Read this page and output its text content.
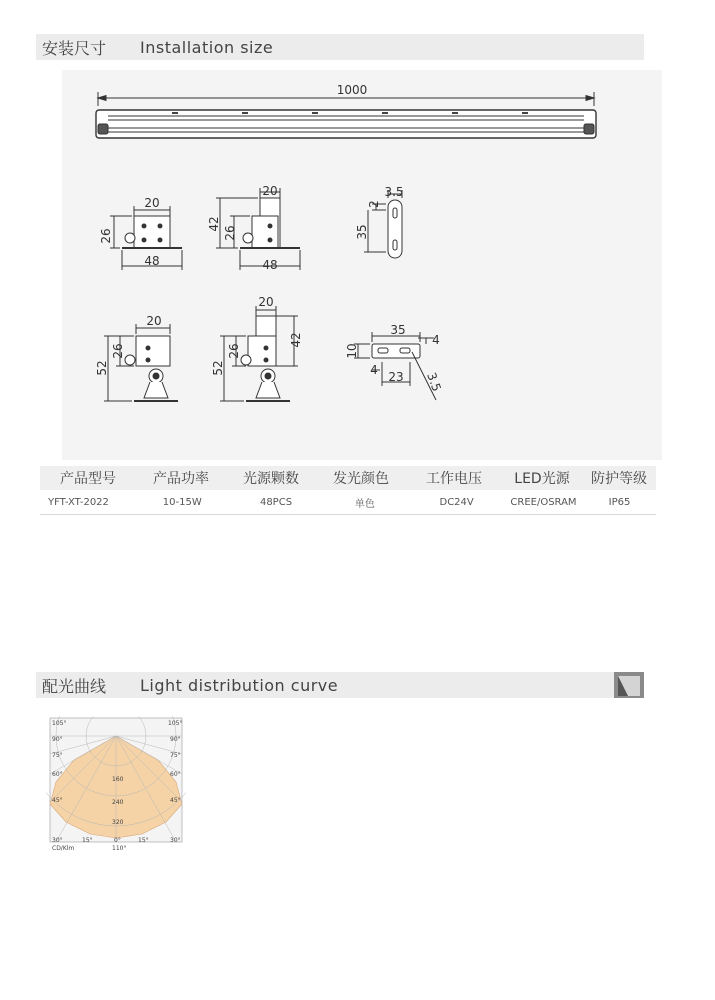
安装尺寸	Installation size
1000
20
48
26
20
48
42
26
3.5
2
35
20
52
26
20
52
26
42
35
10
4
4 23 3.5
产品型号	产品功率	光源颗数	发光颜色	工作电压	LED光源	防护等级
YFT-XT-2022	10-15W	48PCS	单色	DC24V	CREE/OSRAM	IP65
配光曲线	Light distribution curve
105°
90°
75°
60°
45°
30°
105°
90°
75°
60°
45°
30°
15°	0°	15°
160
240
320
CD/Klm	110°
